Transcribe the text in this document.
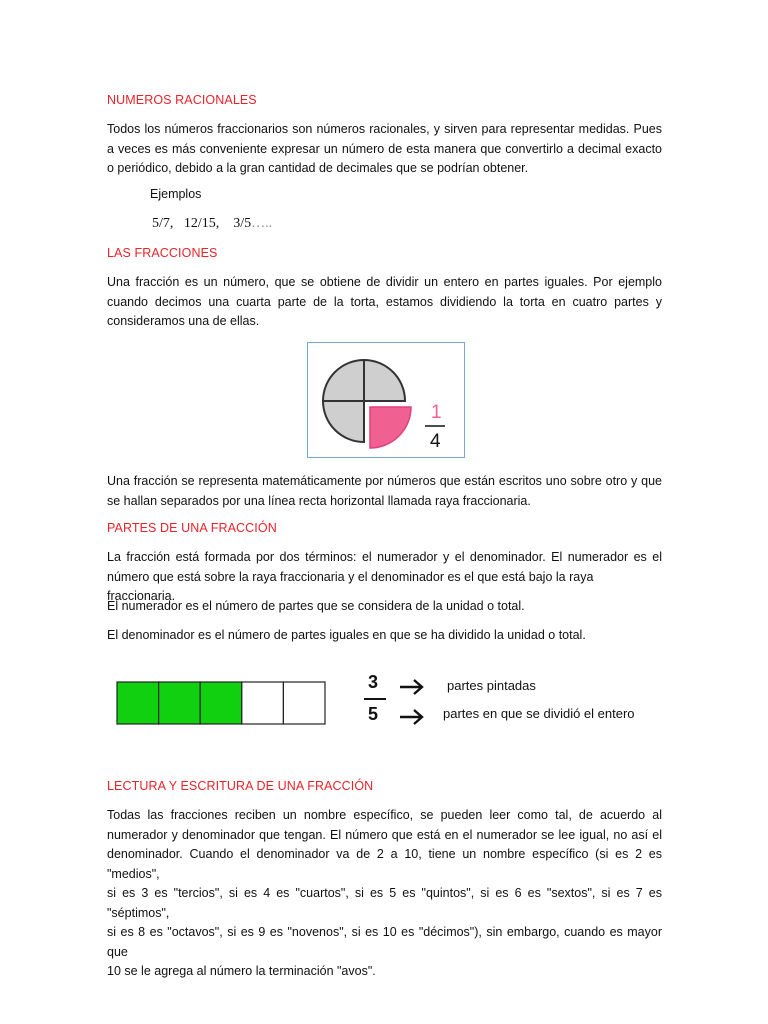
NUMEROS RACIONALES
Todos los números fraccionarios son números racionales, y sirven para representar medidas. Pues
a veces es más conveniente expresar un número de esta manera que convertirlo a decimal exacto
o periódico, debido a la gran cantidad de decimales que se podrían obtener.
Ejemplos
5/7,   12/15,    3/5…..
LAS FRACCIONES
Una fracción es un número, que se obtiene de dividir un entero en partes iguales. Por ejemplo
cuando decimos una cuarta parte de la torta, estamos dividiendo la torta en cuatro partes y
consideramos una de ellas.
1
4
Una fracción se representa matemáticamente por números que están escritos uno sobre otro y que
se hallan separados por una línea recta horizontal llamada raya fraccionaria.
PARTES DE UNA FRACCIÓN
La fracción está formada por dos términos: el numerador y el denominador. El numerador es el
número que está sobre la raya fraccionaria y el denominador es el que está bajo la raya fraccionaria.
El numerador es el número de partes que se considera de la unidad o total.
El denominador es el número de partes iguales en que se ha dividido la unidad o total.
3
5
partes pintadas
partes en que se dividió el entero
LECTURA Y ESCRITURA DE UNA FRACCIÓN
Todas las fracciones reciben un nombre específico, se pueden leer como tal, de acuerdo al
numerador y denominador que tengan. El número que está en el numerador se lee igual, no así el
denominador. Cuando el denominador va de 2 a 10, tiene un nombre específico (si es 2 es "medios",
si es 3 es "tercios", si es 4 es "cuartos", si es 5 es "quintos", si es 6 es "sextos", si es 7 es "séptimos",
si es 8 es "octavos", si es 9 es "novenos", si es 10 es "décimos"), sin embargo, cuando es mayor que
10 se le agrega al número la terminación "avos".
